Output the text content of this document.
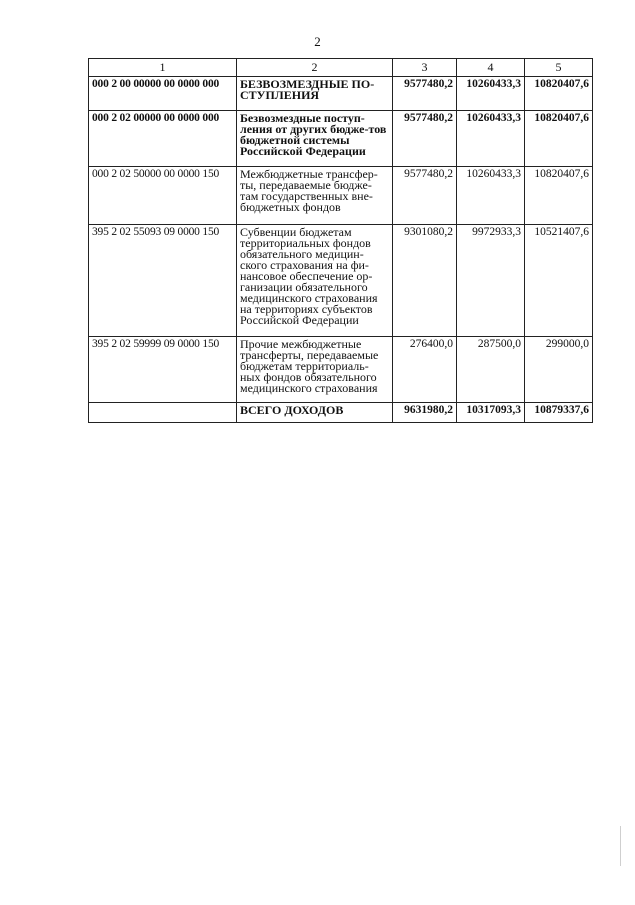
2
1	2	3	4	5
000 2 00 00000 00 0000 000	БЕЗВОЗМЕЗДНЫЕ ПО-СТУПЛЕНИЯ	9577480,2	10260433,3	10820407,6
000 2 02 00000 00 0000 000	Безвозмездные поступ-ления от других бюдже-тов бюджетной системы Российской Федерации	9577480,2	10260433,3	10820407,6
000 2 02 50000 00 0000 150	Межбюджетные трансфер-ты, передаваемые бюдже-там государственных вне-бюджетных фондов	9577480,2	10260433,3	10820407,6
395 2 02 55093 09 0000 150	Субвенции бюджетам территориальных фондов обязательного медицин-ского страхования на фи-нансовое обеспечение ор-ганизации обязательного медицинского страхования на территориях субъектов Российской Федерации	9301080,2	9972933,3	10521407,6
395 2 02 59999 09 0000 150	Прочие межбюджетные трансферты, передаваемые бюджетам территориаль-ных фондов обязательного медицинского страхования	276400,0	287500,0	299000,0
	ВСЕГО ДОХОДОВ	9631980,2	10317093,3	10879337,6
